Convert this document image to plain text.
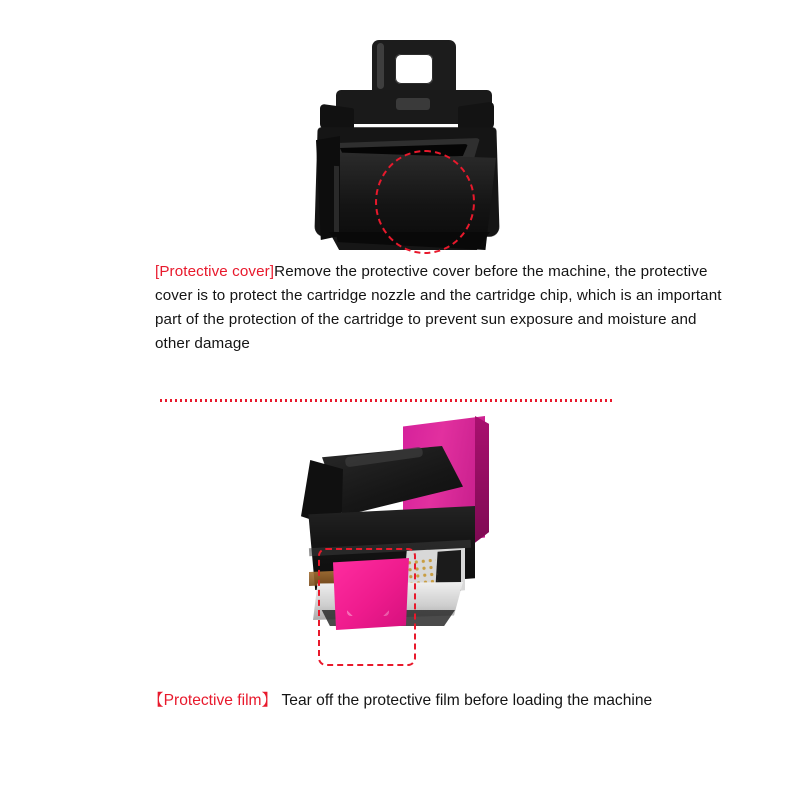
[Protective cover]Remove the protective cover before the machine, the protective cover is to protect the cartridge nozzle and the cartridge chip, which is an important part of the protection of the cartridge to prevent sun exposure and moisture and other damage
【Protective film】 Tear off the protective film before loading the machine
